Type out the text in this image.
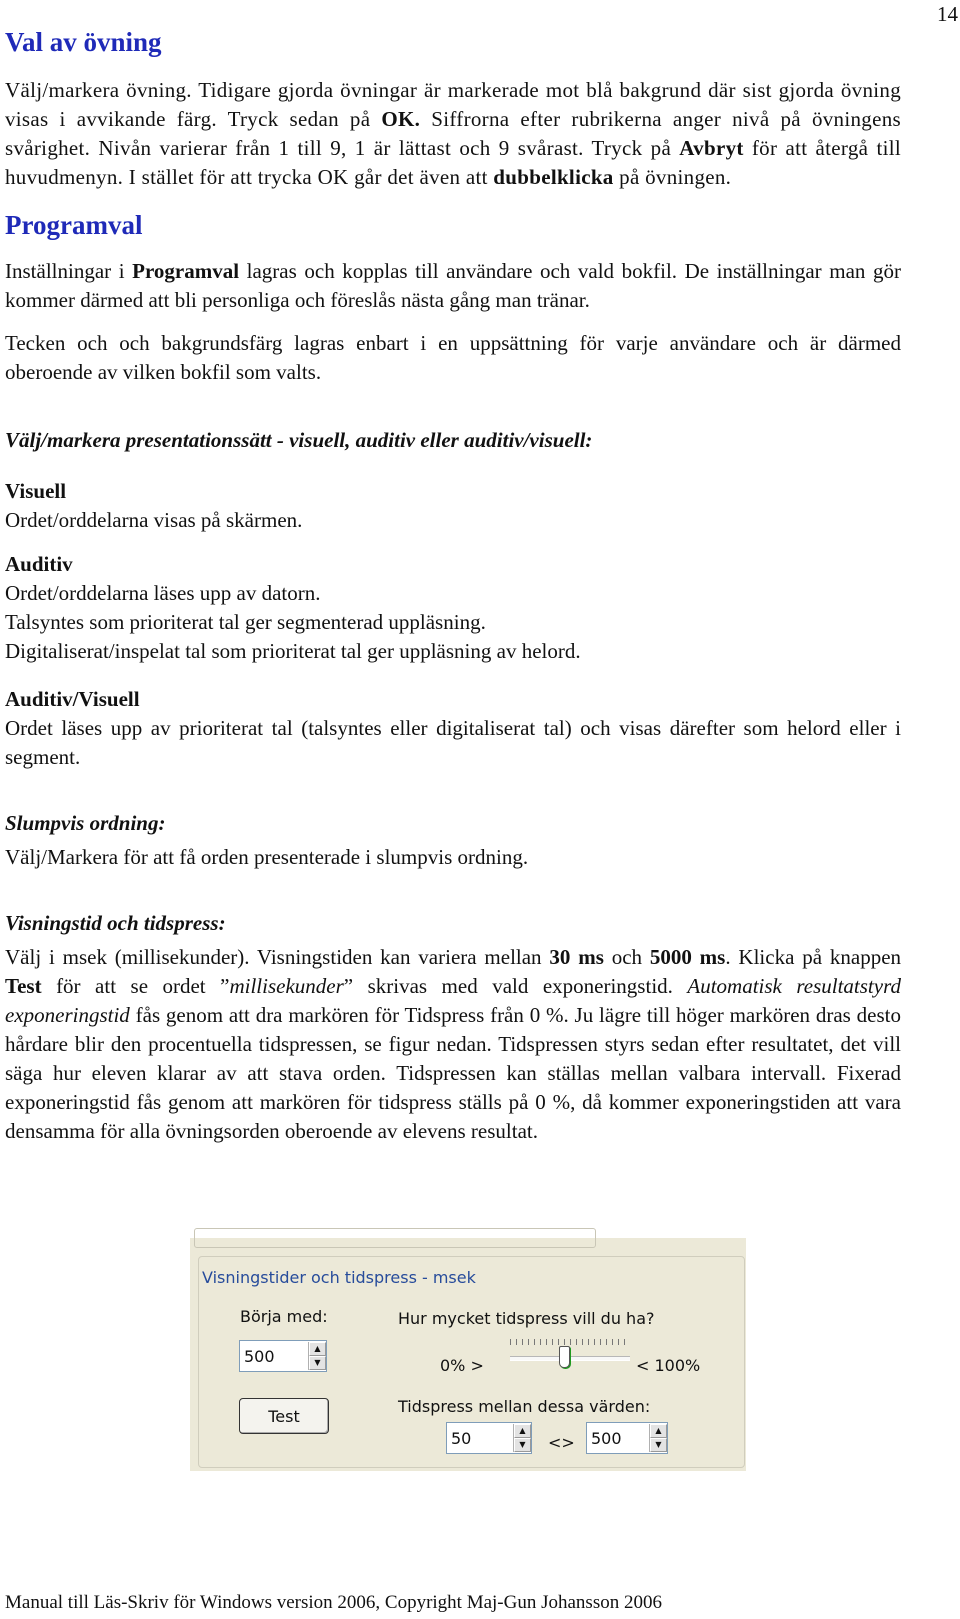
14
Val av övning

Välj/markera övning. Tidigare gjorda övningar är markerade mot blå bakgrund där sist gjorda övning visas i avvikande färg. Tryck sedan på OK. Siffrorna efter rubrikerna anger nivå på övningens svårighet. Nivån varierar från 1 till 9, 1 är lättast och 9 svårast. Tryck på Avbryt för att återgå till huvudmenyn. I stället för att trycka OK går det även att dubbelklicka på övningen.

Programval

Inställningar i Programval lagras och kopplas till användare och vald bokfil. De inställningar man gör kommer därmed att bli personliga och föreslås nästa gång man tränar.

Tecken och och bakgrundsfärg lagras enbart i en uppsättning för varje användare och är därmed oberoende av vilken bokfil som valts.

Välj/markera presentationssätt - visuell, auditiv eller auditiv/visuell:

Visuell

Ordet/orddelarna visas på skärmen.

Auditiv

Ordet/orddelarna läses upp av datorn.

Talsyntes som prioriterat tal ger segmenterad uppläsning.

Digitaliserat/inspelat tal som prioriterat tal ger uppläsning av helord.

Auditiv/Visuell

Ordet läses upp av prioriterat tal (talsyntes eller digitaliserat tal) och visas därefter som helord eller i segment.

Slumpvis ordning:

Välj/Markera för att få orden presenterade i slumpvis ordning.

Visningstid och tidspress:

Välj i msek (millisekunder). Visningstiden kan variera mellan 30 ms och 5000 ms. Klicka på knappen Test för att se ordet ”millisekunder” skrivas med vald exponeringstid. Automatisk resultatstyrd exponeringstid fås genom att dra markören för Tidspress från 0 %. Ju lägre till höger markören dras desto hårdare blir den procentuella tidspressen, se figur nedan. Tidspressen styrs sedan efter resultatet, det vill säga hur eleven klarar av att stava orden. Tidspressen kan ställas mellan valbara intervall. Fixerad exponeringstid fås genom att markören för tidspress ställs på 0 %, då kommer exponeringstiden att vara densamma för alla övningsorden oberoende av elevens resultat.

Visningstider och tidspress - msek
Börja med:
500	▲
▼
Test
Hur mycket tidspress vill du ha?
0% >	< 100%
Tidspress mellan dessa värden:
50	▲
▼	<> 500	▲
▼
Manual till Läs-Skriv för Windows version 2006, Copyright Maj-Gun Johansson 2006
